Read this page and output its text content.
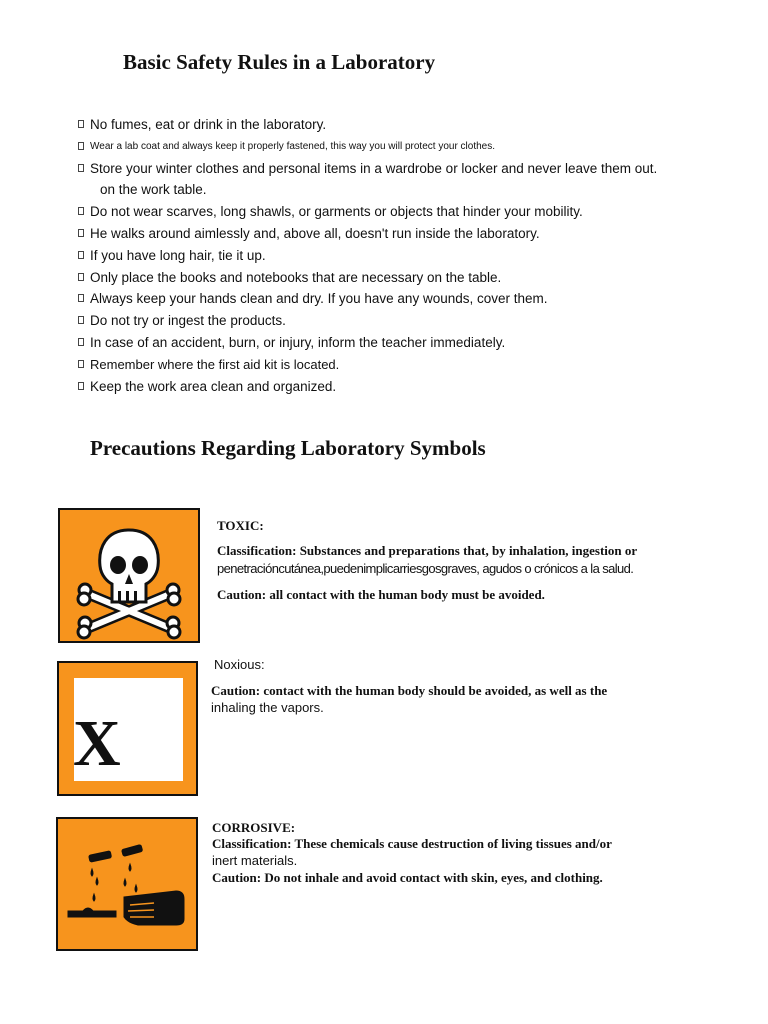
Basic Safety Rules in a Laboratory
No fumes, eat or drink in the laboratory.
Wear a lab coat and always keep it properly fastened, this way you will protect your clothes.
Store your winter clothes and personal items in a wardrobe or locker and never leave them out.
on the work table.
Do not wear scarves, long shawls, or garments or objects that hinder your mobility.
He walks around aimlessly and, above all, doesn't run inside the laboratory.
If you have long hair, tie it up.
Only place the books and notebooks that are necessary on the table.
Always keep your hands clean and dry. If you have any wounds, cover them.
Do not try or ingest the products.
In case of an accident, burn, or injury, inform the teacher immediately.
Remember where the first aid kit is located.
Keep the work area clean and organized.
Precautions Regarding Laboratory Symbols
TOXIC:
Classification: Substances and preparations that, by inhalation, ingestion or
penetracióncutánea,puedenimplicarriesgosgraves, agudos o crónicos a la salud.
Caution: all contact with the human body must be avoided.
X
Noxious:
Caution: contact with the human body should be avoided, as well as the
inhaling the vapors.
CORROSIVE:
Classification: These chemicals cause destruction of living tissues and/or
inert materials.
Caution: Do not inhale and avoid contact with skin, eyes, and clothing.
